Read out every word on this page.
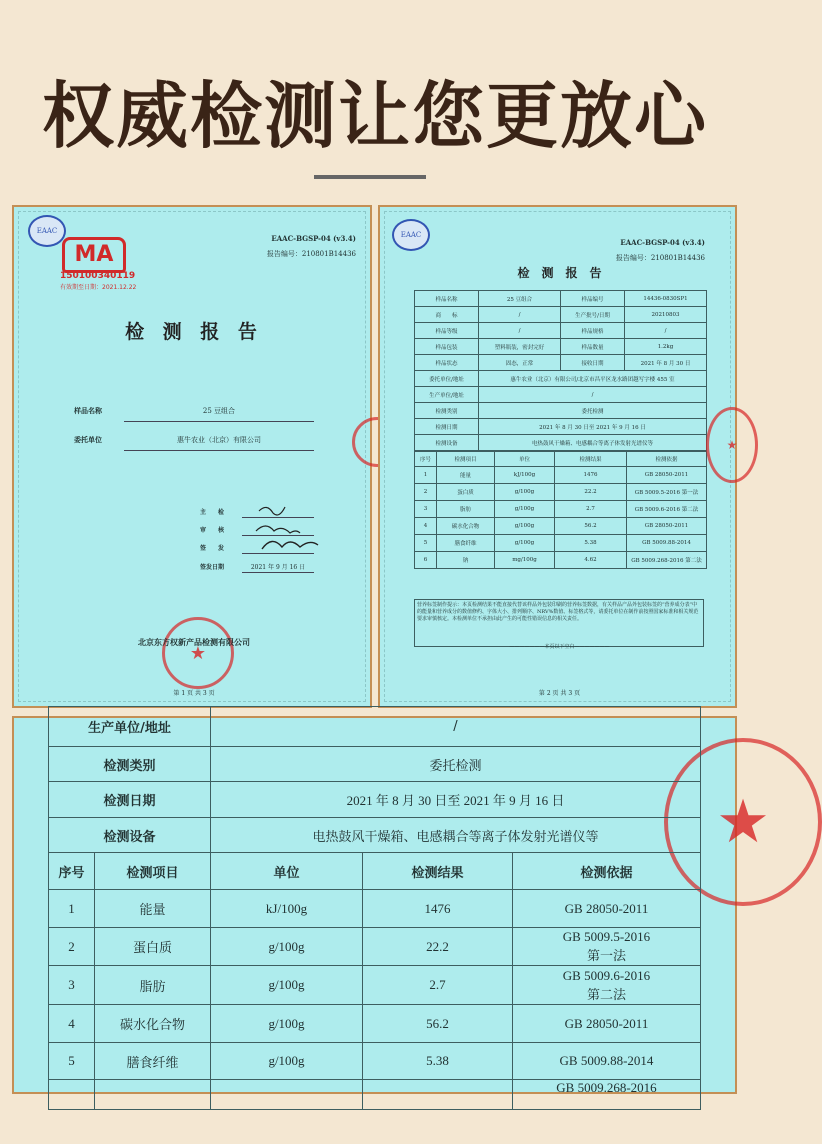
权威检测让您更放心
EAAC
EAAC-BGSP-04 (v3.4)
报告编号：210801B14436
MA
150100340119
有效期至日期：2021.12.22
检 测 报 告
样品名称	25 豆组合
委托单位	惠牛农业（北京）有限公司
主　　检
审　　核
签　　发
签发日期	2021 年 9 月 16 日
★
北京东方权新产品检测有限公司
第 1 页 共 3 页
EAAC
EAAC-BGSP-04 (v3.4)
报告编号：210801B14436
检　测　报　告
样品名称	25 豆组合	样品编号	14436-0830SP1
商　　标	/	生产批号/日期	20210803
样品等级	/	样品规格	/
样品包装	塑料瓶装，密封完好	样品数量	1.2kg
样品状态	固态，正常	接收日期	2021 年 8 月 30 日
委托单位/地址	惠牛农业（北京）有限公司/北京市昌平区龙水路团越写字楼 455 室		
生产单位/地址	/		
检测类别	委托检测		
检测日期	2021 年 8 月 30 日至 2021 年 9 月 16 日		
检测设备	电热鼓风干燥箱、电感耦合等离子体发射光谱仪等		
序号	检测项目	单位	检测结果	检测依据
1	能量	kJ/100g	1476	GB 28050-2011
2	蛋白质	g/100g	22.2	GB 5009.5-2016 第一法
3	脂肪	g/100g	2.7	GB 5009.6-2016 第二法
4	碳水化合物	g/100g	56.2	GB 28050-2011
5	膳食纤维	g/100g	5.38	GB 5009.88-2014
6	钠	mg/100g	4.62	GB 5009.268-2016 第二法
营养标签制作提示：本页检测结果不能直接代替该样品外包装印刷的营养标签数据，有关样品产品外包装标签的“营养成分表”中的能量和营养成分的数值修约、字体大小、排列顺序、NRV%数值、标签格式等，请委托单位在制作前按照国家标准和相关规范要求审慎核定。本检测单位不承担由此产生的可能性错误信息的相关责任。
———————本页以下空白———————
★
第 2 页 共 3 页
★
生产单位/地址		/		
检测类别		委托检测		
检测日期		2021 年 8 月 30 日至 2021 年 9 月 16 日		
检测设备		电热鼓风干燥箱、电感耦合等离子体发射光谱仪等		
序号	检测项目	单位	检测结果	检测依据
1	能量	kJ/100g	1476	GB 28050-2011

2	蛋白质	g/100g	22.2	GB 5009.5-2016
第一法

3	脂肪	g/100g	2.7	GB 5009.6-2016
第二法

4	碳水化合物	g/100g	56.2	GB 28050-2011

5	膳食纤维	g/100g	5.38	GB 5009.88-2014

				GB 5009.268-2016
